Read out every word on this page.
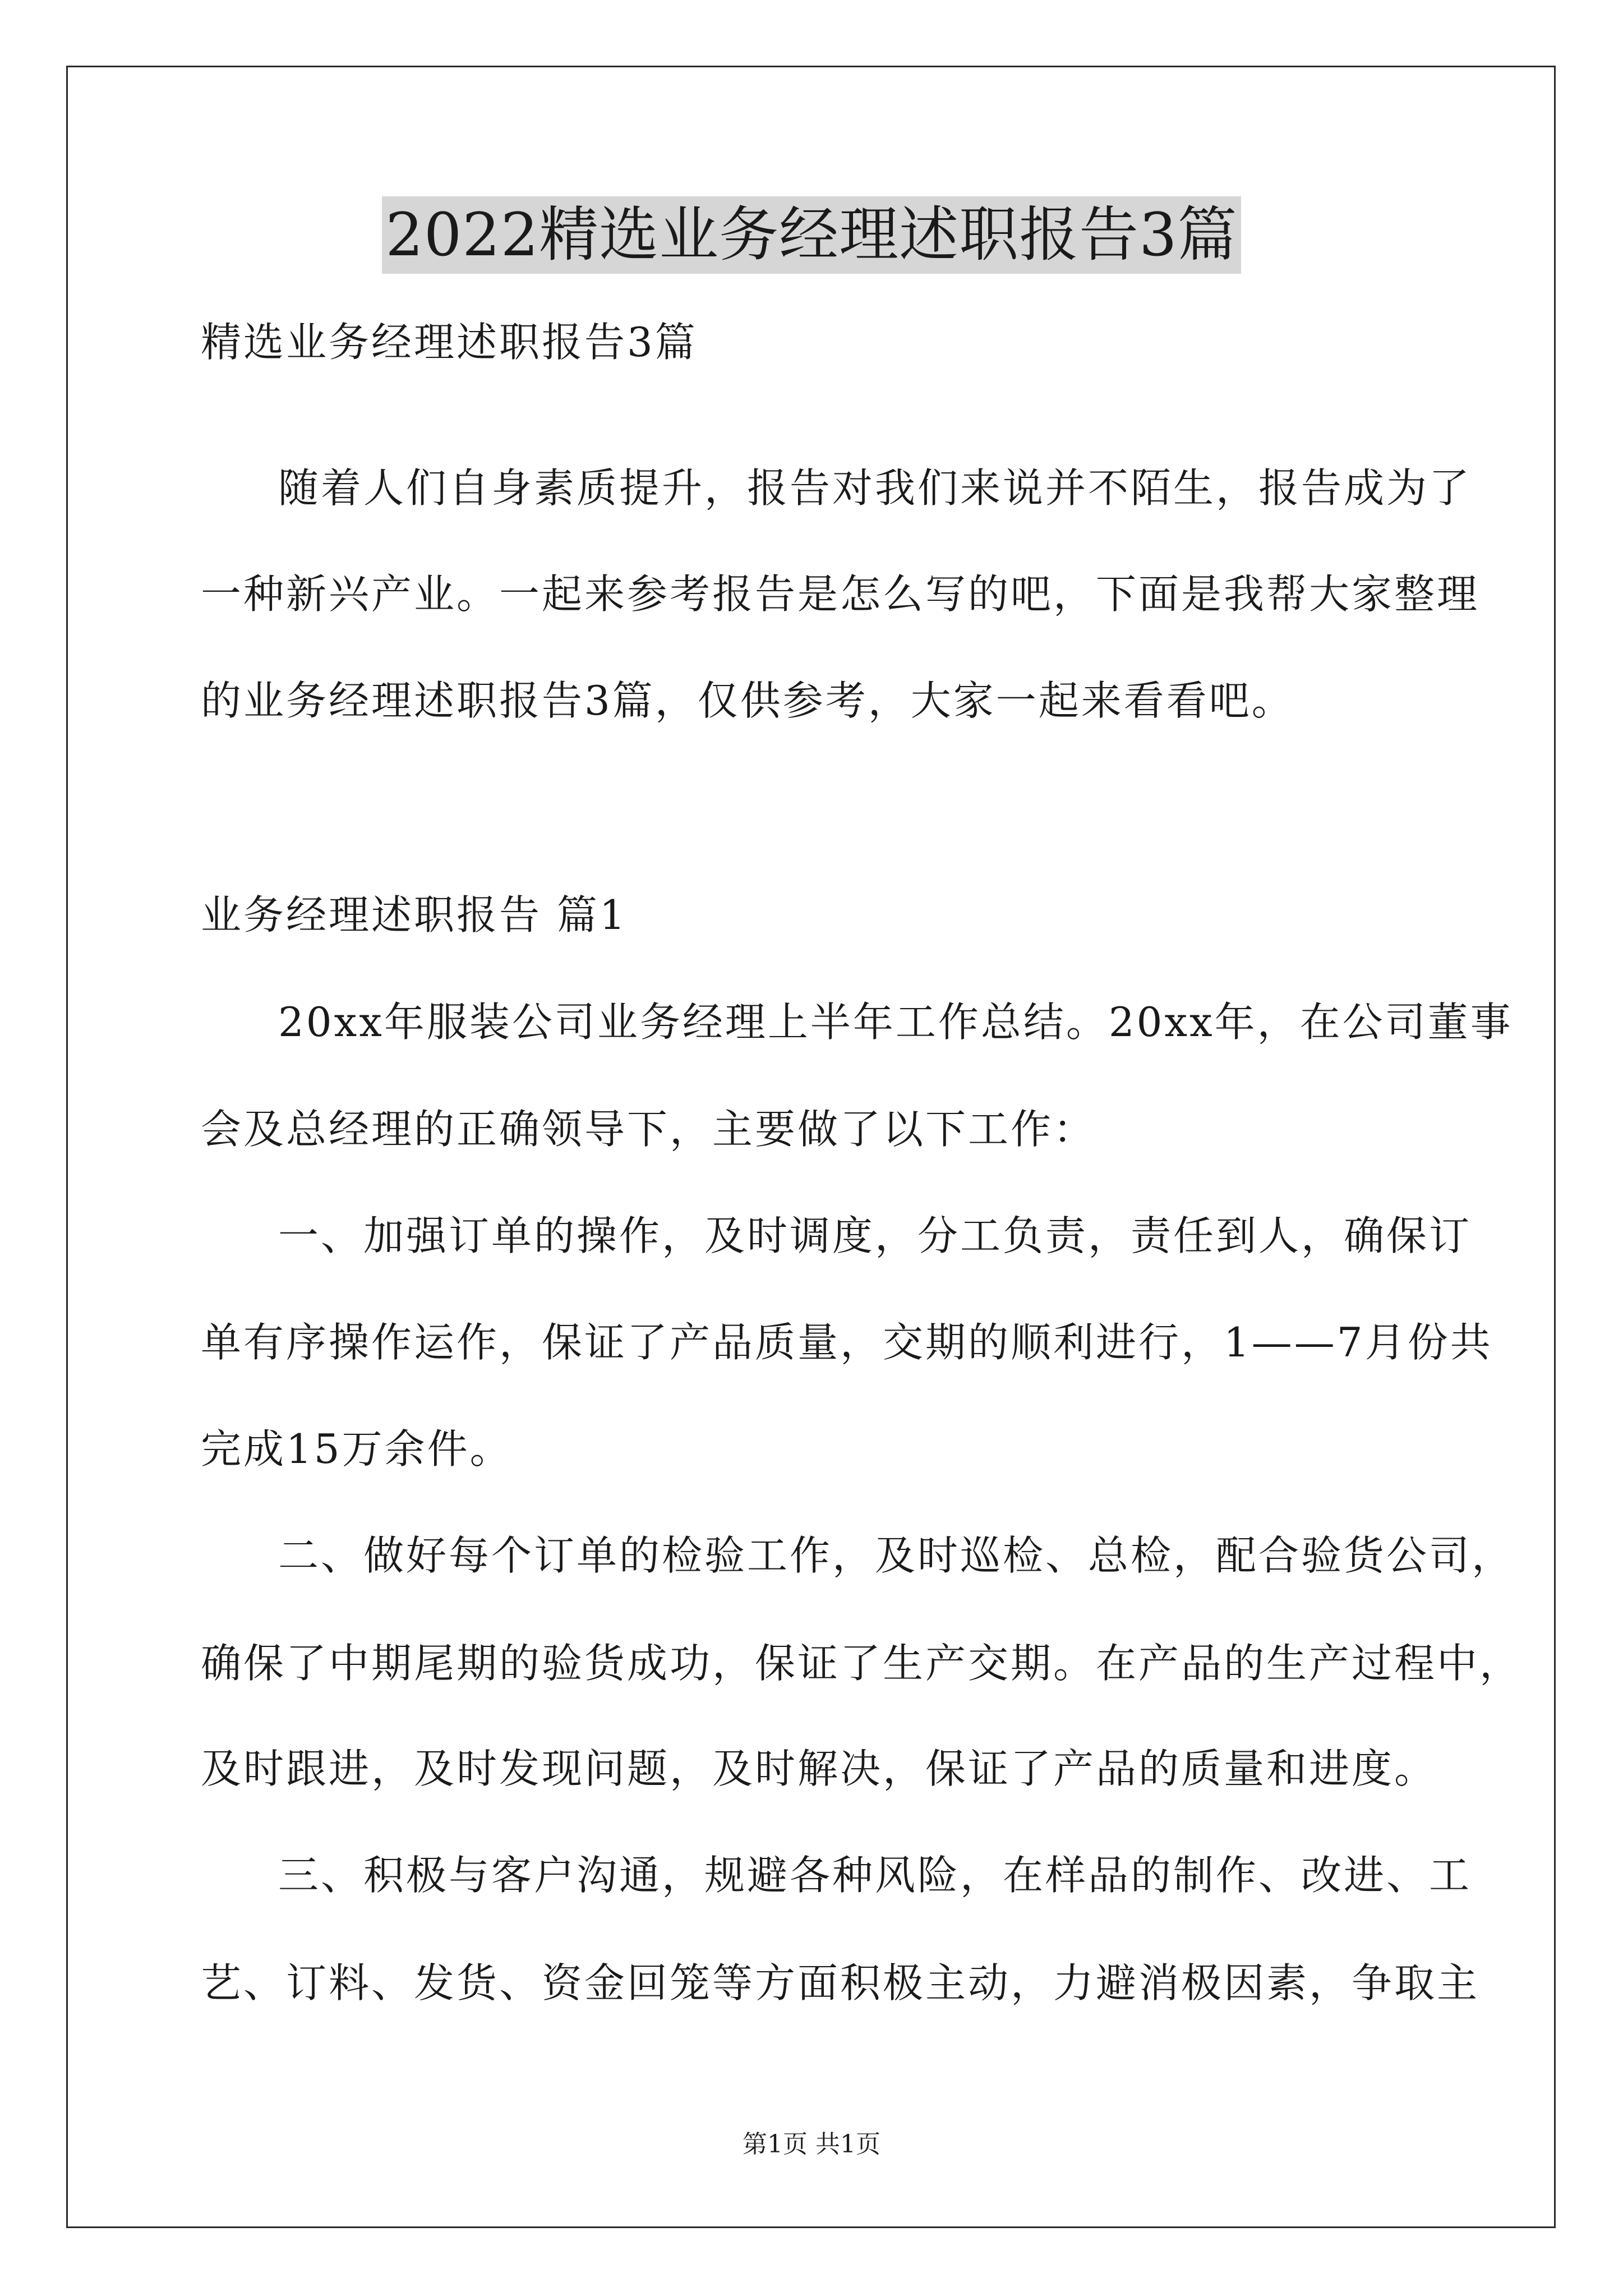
2022精选业务经理述职报告3篇
精选业务经理述职报告3篇
随着人们自身素质提升，报告对我们来说并不陌生，报告成为了
一种新兴产业。一起来参考报告是怎么写的吧，下面是我帮大家整理
的业务经理述职报告3篇，仅供参考，大家一起来看看吧。
业务经理述职报告 篇1
20xx年服装公司业务经理上半年工作总结。20xx年，在公司董事
会及总经理的正确领导下，主要做了以下工作：
一、加强订单的操作，及时调度，分工负责，责任到人，确保订
单有序操作运作，保证了产品质量，交期的顺利进行，1——7月份共
完成15万余件。
二、做好每个订单的检验工作，及时巡检、总检，配合验货公司，
确保了中期尾期的验货成功，保证了生产交期。在产品的生产过程中，
及时跟进，及时发现问题，及时解决，保证了产品的质量和进度。
三、积极与客户沟通，规避各种风险，在样品的制作、改进、工
艺、订料、发货、资金回笼等方面积极主动，力避消极因素，争取主
第1页 共1页
